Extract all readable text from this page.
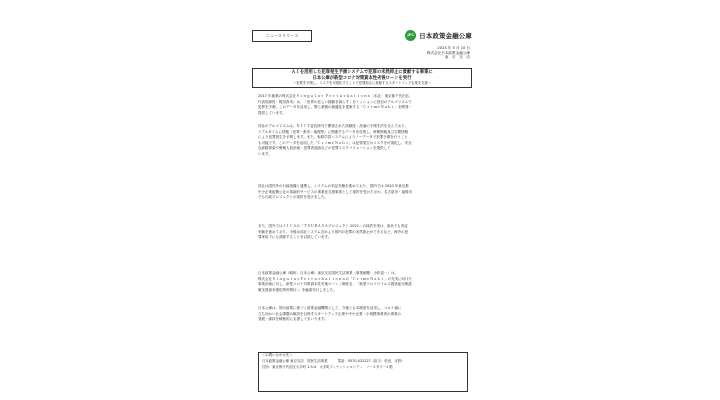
ニュースリリース	JFC 日本政策金融公庫
2023 年 5 月 10 日
株式会社日本政策金融公庫
東　京　支　店
ＡＩを活用した犯罪発生予測システムで犯罪の未然抑止に貢献する事業に
日本公庫が新型コロナ対策資本性劣後ローンを実行
～犯罪を予測し、リスクを可視化することで犯罪抑止に貢献するスタートアップ企業を支援～
2017 年創業の株式会社Ｓｉｎｇｕｌａｒ Ｐｅｒｔｕｒｂａｔｉｏｎｓ（本社：東京都千代田区、
代表取締役：梶田真実）は、「世界の悲しい経験を減らす」をミッションに独自のアルゴリズムで
犯罪を予測、このデータを活用し、警ら業務の最適化を提案する「ＣｒｉｍｅＮａｂｉ」を開発・
提供しています。
同社のアルゴリズムは、ＮＩＣＴ委託研究で開発された高精度・高速の予測手法を含んでおり、
リアルタイムに情報（犯罪・都市・地理等）に関連するデータを収集し、時間情報及び空間情報
により犯罪発生を予測します。また、転移学習システムによりノーデータで犯罪予測を行うこと
も可能です。このデータを活用した「ＣｒｉｍｅＮａｂｉ」は犯罪発生のリスクを可視化し、安全
な経路探索や警備人員計画・犯罪者追跡などの犯罪リスクソリューションを提供して
います。
同社は国内外の行政組織と連携し、システムの実証実験を進めており、国内では 2020 年東京都
中小企業振興公社の革新的サービスの事業化支援事業として採択を受けたほか、名古屋市・福岡市
でも行政プロジェクトの採択を受けました。
また、国外ではＪＩＣＡの「ＴＳＵＢＡＳＡプロジェクト 2021」の採択を受け、南米でも実証
実験を進めており、今後は同社システム含めより国内の犯罪の未然抑止ができるなど、海外の犯
罪率低下にも貢献することを目指しています。
日本政策金融公庫（略称：日本公庫）東京支店国民生活事業（事業統轄：小松晃一）は、
株式会社ＳｉｎｇｕｌａｒＰｅｒｔｕｒｂａｔｉｏｎｓの「ＣｒｉｍｅＮａｂｉ」の充実に向けた
事業計画に対し、新型コロナ対策資本性劣後ローン（制度名：「新型コロナウイルス感染症対策挑
戦支援資本強化特別貸付」）を融資実行しました。
日本公庫は、国の政策に基づく政策金融機関として、今後とも本制度を活用し、コロナ禍に
立ち向かい社会課題の解決を目指すスタートアップ企業や中小企業・小規模事業者の事業の
発展・維持を積極的に支援してまいります。
＜お問い合わせ先＞
日本政策金融公庫 東京支店　国民生活事業　　　電話：0570-031227（担当：松田、本野）
住所：東京都千代田区大手町 1-9-4　大手町フィナンシャルシティ　ノースタワー1 階
